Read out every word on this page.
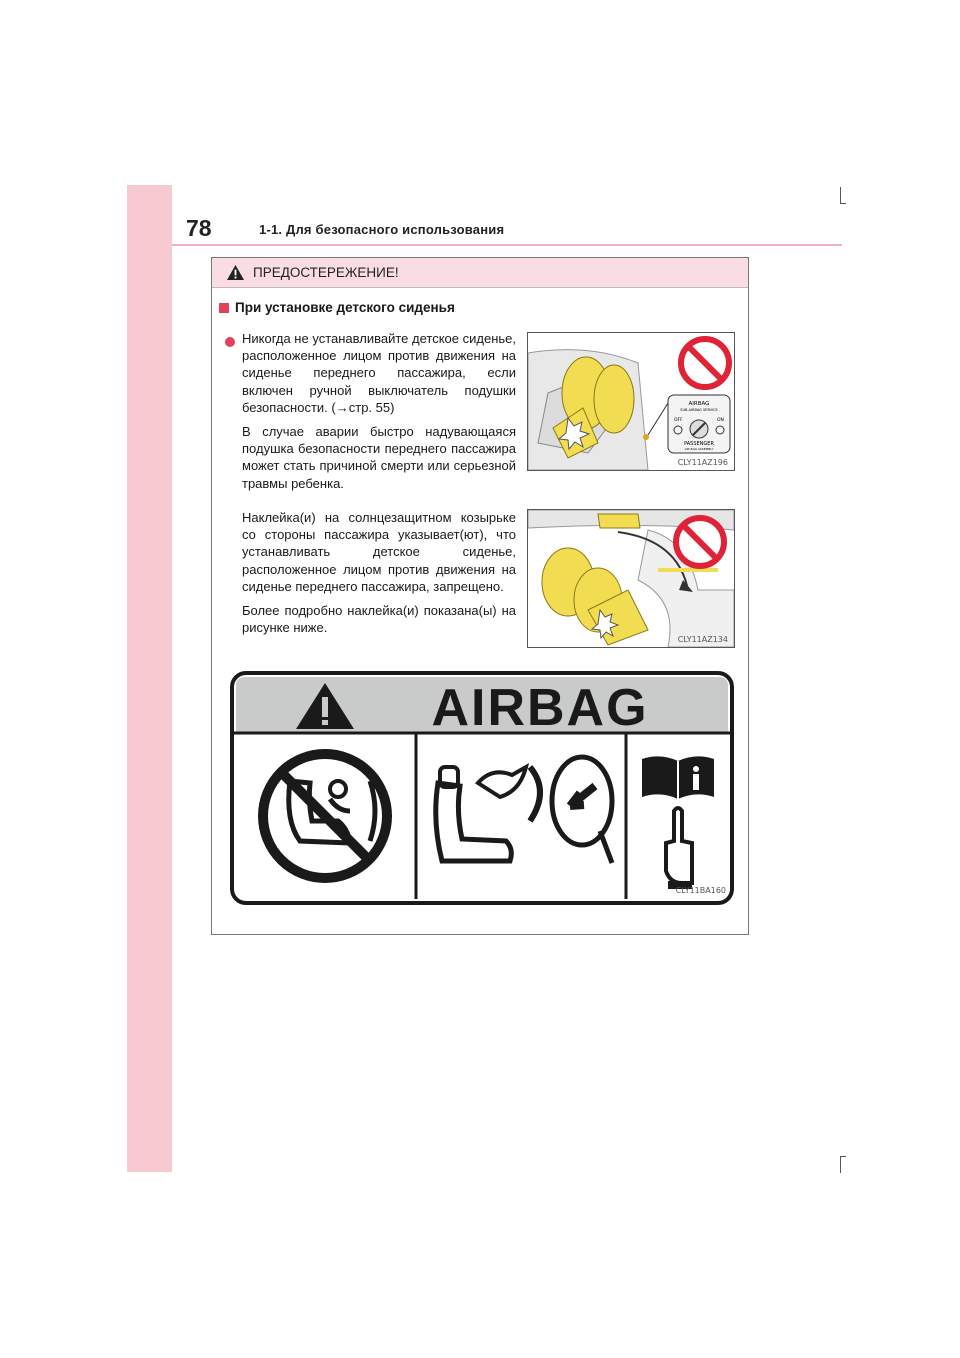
78	1-1. Для безопасного использования
ПРЕДОСТЕРЕЖЕНИЕ!
При установке детского сиденья

Никогда не устанавливайте детское сиденье, расположенное лицом против движения на сиденье переднего пассажира, если включен ручной выключатель подушки безопасности. (→стр. 55)

В случае аварии быстро надувающаяся подушка безопасности переднего пассажира может стать причиной смерти или серьезной травмы ребенка.

Наклейка(и) на солнцезащитном козырьке со стороны пассажира указывает(ют), что устанавливать детское сиденье, расположенное лицом против движения на сиденье переднего пассажира, запрещено.

Более подробно наклейка(и) показана(ы) на рисунке ниже.

AIRBAG
SUB-AIRBAG SERVICE
OFF	ON
PASSENGER
AIR BAG ASSEMBLY
CLY11AZ196
CLY11AZ134
AIRBAG
CLY11BA160
